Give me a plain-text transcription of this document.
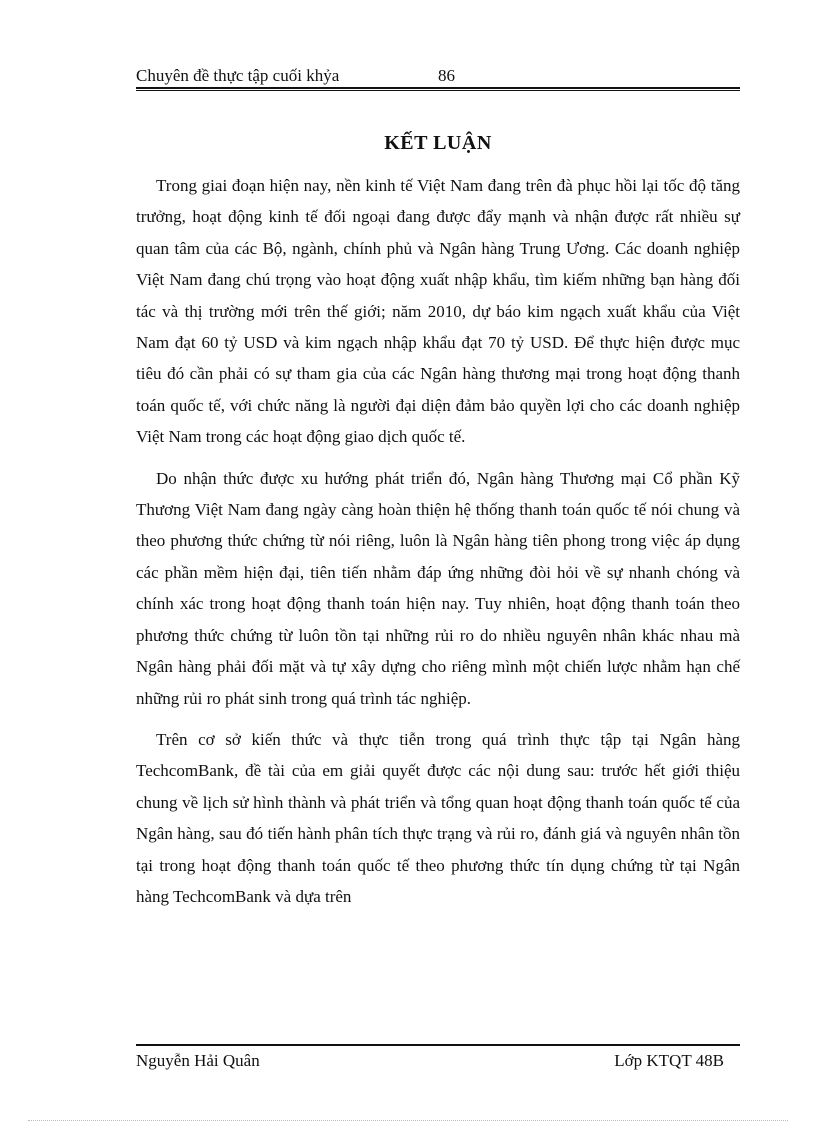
Chuyên đề thực tập cuối khỷa	86
KẾT LUẬN

Trong giai đoạn hiện nay, nền kinh tế Việt Nam đang trên đà phục hồi lại tốc độ tăng trưởng, hoạt động kinh tế đối ngoại đang được đẩy mạnh và nhận được rất nhiều sự quan tâm của các Bộ, ngành, chính phủ và Ngân hàng Trung Ương. Các doanh nghiệp Việt Nam đang chú trọng vào hoạt động xuất nhập khẩu, tìm kiếm những bạn hàng đối tác và thị trường mới trên thế giới; năm 2010, dự báo kim ngạch xuất khẩu của Việt Nam đạt 60 tỷ USD và kim ngạch nhập khẩu đạt 70 tỷ USD. Để thực hiện được mục tiêu đó cần phải có sự tham gia của các Ngân hàng thương mại trong hoạt động thanh toán quốc tế, với chức năng là người đại diện đảm bảo quyền lợi cho các doanh nghiệp Việt Nam trong các hoạt động giao dịch quốc tế.

Do nhận thức được xu hướng phát triển đó, Ngân hàng Thương mại Cổ phần Kỹ Thương Việt Nam đang ngày càng hoàn thiện hệ thống thanh toán quốc tế nói chung và theo phương thức chứng từ nói riêng, luôn là Ngân hàng tiên phong trong việc áp dụng các phần mềm hiện đại, tiên tiến nhằm đáp ứng những đòi hỏi về sự nhanh chóng và chính xác trong hoạt động thanh toán hiện nay. Tuy nhiên, hoạt động thanh toán theo phương thức chứng từ luôn tồn tại những rủi ro do nhiều nguyên nhân khác nhau mà Ngân hàng phải đối mặt và tự xây dựng cho riêng mình một chiến lược nhằm hạn chế những rủi ro phát sinh trong quá trình tác nghiệp.

Trên cơ sở kiến thức và thực tiễn trong quá trình thực tập tại Ngân hàng TechcomBank, đề tài của em giải quyết được các nội dung sau: trước hết giới thiệu chung về lịch sử hình thành và phát triển và tổng quan hoạt động thanh toán quốc tế của Ngân hàng, sau đó tiến hành phân tích thực trạng và rủi ro, đánh giá và nguyên nhân tồn tại trong hoạt động thanh toán quốc tế theo phương thức tín dụng chứng từ tại Ngân hàng TechcomBank và dựa trên

Nguyễn Hải Quân	Lớp KTQT 48B
